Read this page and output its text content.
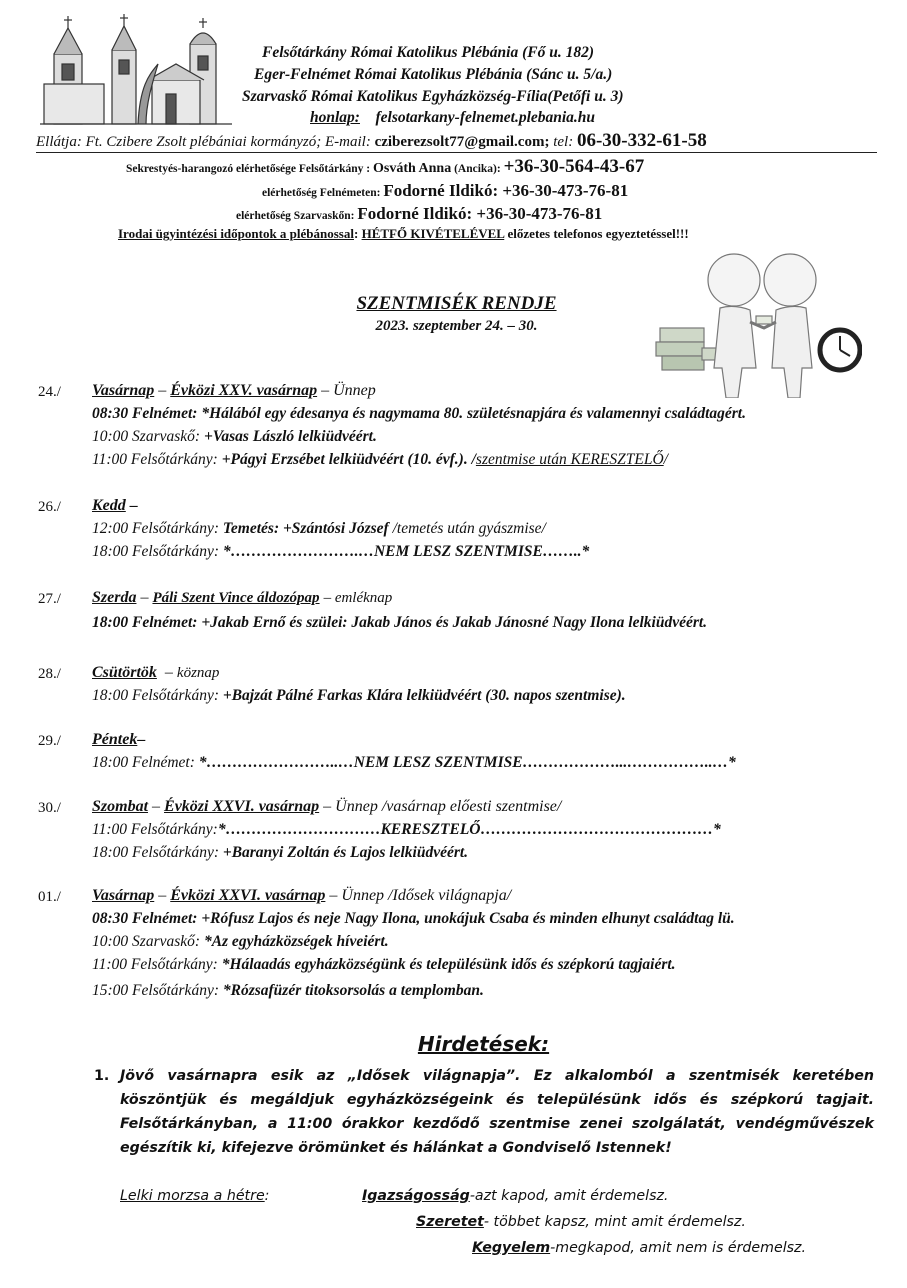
Felsőtárkány Római Katolikus Plébánia (Fő u. 182)
Eger-Felnémet Római Katolikus Plébánia (Sánc u. 5/a.)
Szarvaskő Római Katolikus Egyházközség-Fília(Petőfi u. 3)
honlap: felsotarkany-felnemet.plebania.hu
Ellátja: Ft. Czibere Zsolt plébániai kormányzó; E-mail: cziberezsolt77@gmail.com; tel: 06-30-332-61-58
Sekrestyés-harangozó elérhetősége Felsőtárkány : Osváth Anna (Ancika): +36-30-564-43-67
elérhetőség Felnémeten: Fodorné Ildikó: +36-30-473-76-81
elérhetőség Szarvaskőn: Fodorné Ildikó: +36-30-473-76-81
Irodai ügyintézési időpontok a plébánossal: HÉTFŐ KIVÉTELÉVEL előzetes telefonos egyeztetéssel!!!
SZENTMISÉK RENDJE
2023. szeptember 24. – 30.
24./ Vasárnap – Évközi XXV. vasárnap – Ünnep
08:30 Felnémet: *Hálából egy édesanya és nagymama 80. születésnapjára és valamennyi családtagért.
10:00 Szarvaskő: +Vasas László lelkiüdvéért.
11:00 Felsőtárkány: +Págyi Erzsébet lelkiüdvéért (10. évf.). /szentmise után KERESZTELŐ/
26./ Kedd –
12:00 Felsőtárkány: Temetés: +Szántósi József /temetés után gyászmise/
18:00 Felsőtárkány: *…………………….…NEM LESZ SZENTMISE……..*
27./ Szerda – Páli Szent Vince áldozópap – emléknap
18:00 Felnémet: +Jakab Ernő és szülei: Jakab János és Jakab Jánosné Nagy Ilona lelkiüdvéért.
28./ Csütörtök – köznap
18:00 Felsőtárkány: +Bajzát Pálné Farkas Klára lelkiüdvéért (30. napos szentmise).
29./ Péntek–
18:00 Felnémet: *……………………..…NEM LESZ SZENTMISE………………...……………..…*
30./ Szombat – Évközi XXVI. vasárnap – Ünnep /vasárnap előesti szentmise/
11:00 Felsőtárkány:*…………………………KERESZTELŐ………………………………………*
18:00 Felsőtárkány: +Baranyi Zoltán és Lajos lelkiüdvéért.
01./ Vasárnap – Évközi XXVI. vasárnap – Ünnep /Idősek világnapja/
08:30 Felnémet: +Rófusz Lajos és neje Nagy Ilona, unokájuk Csaba és minden elhunyt családtag lü.
10:00 Szarvaskő: *Az egyházközségek híveiért.
11:00 Felsőtárkány: *Hálaadás egyházközségünk és településünk idős és szépkorú tagjaiért.
15:00 Felsőtárkány: *Rózsafüzér titoksorsolás a templomban.
Hirdetések:
1. Jövő vasárnapra esik az „Idősek világnapja”. Ez alkalomból a szentmisék keretében köszöntjük és megáldjuk egyházközségeink és településünk idős és szépkorú tagjait. Felsőtárkányban, a 11:00 órakkor kezdődő szentmise zenei szolgálatát, vendégművészek egészítik ki, kifejezve örömünket és hálánkat a Gondviselő Istennek!
Lelki morzsa a hétre:	Igazságosság-azt kapod, amit érdemelsz.
Szeretet- többet kapsz, mint amit érdemelsz.
Kegyelem-megkapod, amit nem is érdemelsz.
